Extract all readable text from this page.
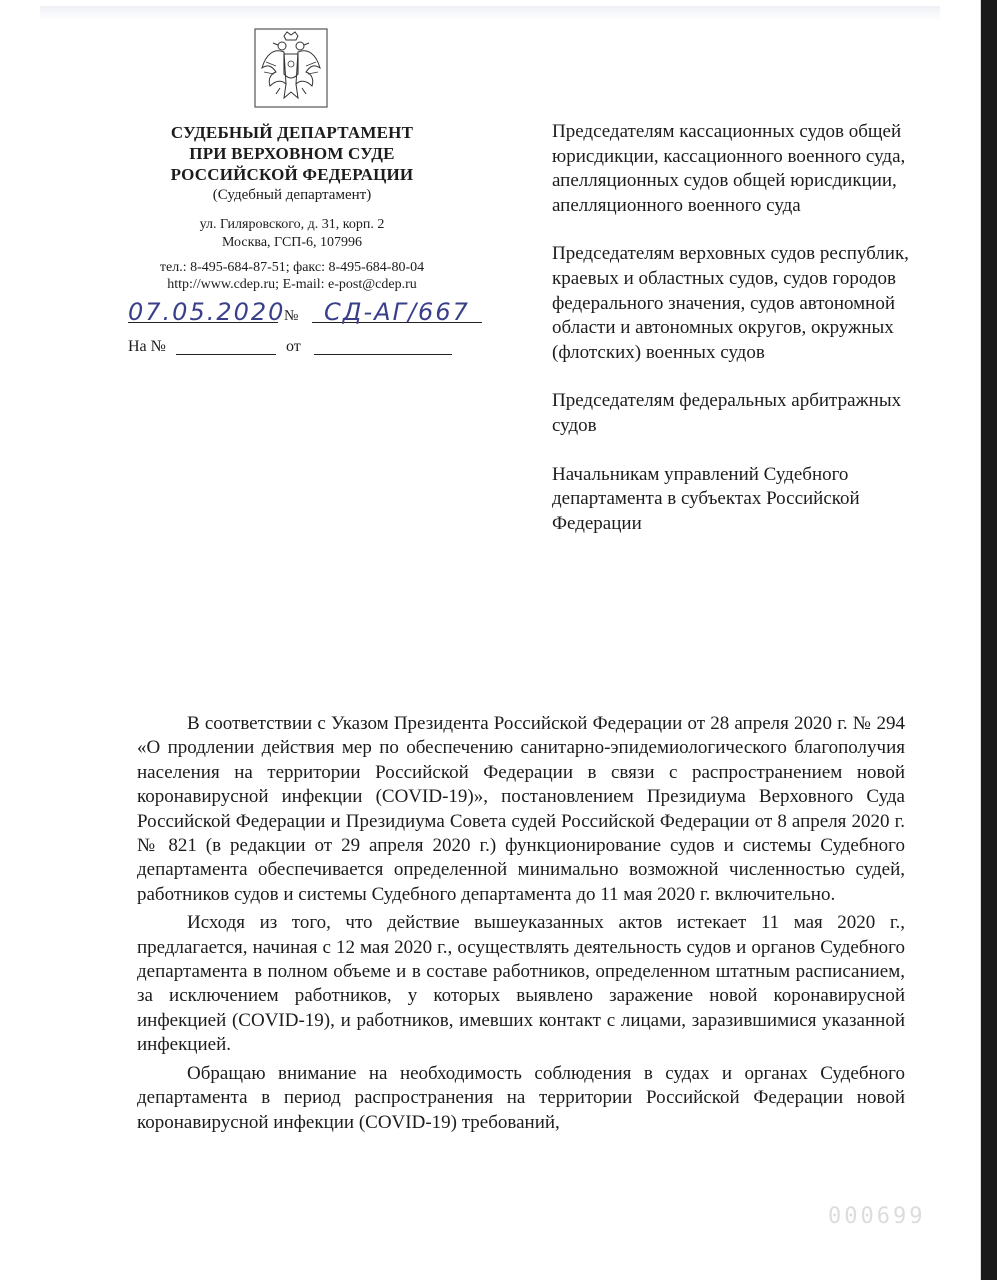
СУДЕБНЫЙ ДЕПАРТАМЕНТ
ПРИ ВЕРХОВНОМ СУДЕ
РОССИЙСКОЙ ФЕДЕРАЦИИ
(Судебный департамент)
ул. Гиляровского, д. 31, корп. 2
Москва, ГСП-6, 107996
тел.: 8-495-684-87-51; факс: 8-495-684-80-04
http://www.cdep.ru; E-mail: e-post@cdep.ru
07.05.2020
№ СД-АГ/667
На №	от

Председателям кассационных судов общей юрисдикции, кассационного военного суда, апелляционных судов общей юрисдикции, апелляционного военного суда

Председателям верховных судов республик, краевых и областных судов, судов городов федерального значения, судов автономной области и автономных округов, окружных (флотских) военных судов

Председателям федеральных арбитражных судов

Начальникам управлений Судебного департамента в субъектах Российской Федерации

В соответствии с Указом Президента Российской Федерации от 28 апреля 2020 г. № 294 «О продлении действия мер по обеспечению санитарно-эпидемиологического благополучия населения на территории Российской Федерации в связи с распространением новой коронавирусной инфекции (COVID-19)», постановлением Президиума Верховного Суда Российской Федерации и Президиума Совета судей Российской Федерации от 8 апреля 2020 г. № 821 (в редакции от 29 апреля 2020 г.) функционирование судов и системы Судебного департамента обеспечивается определенной минимально возможной численностью судей, работников судов и системы Судебного департамента до 11 мая 2020 г. включительно.

Исходя из того, что действие вышеуказанных актов истекает 11 мая 2020 г., предлагается, начиная с 12 мая 2020 г., осуществлять деятельность судов и органов Судебного департамента в полном объеме и в составе работников, определенном штатным расписанием, за исключением работников, у которых выявлено заражение новой коронавирусной инфекцией (COVID-19), и работников, имевших контакт с лицами, заразившимися указанной инфекцией.

Обращаю внимание на необходимость соблюдения в судах и органах Судебного департамента в период распространения на территории Российской Федерации новой коронавирусной инфекции (COVID-19) требований,

000699
